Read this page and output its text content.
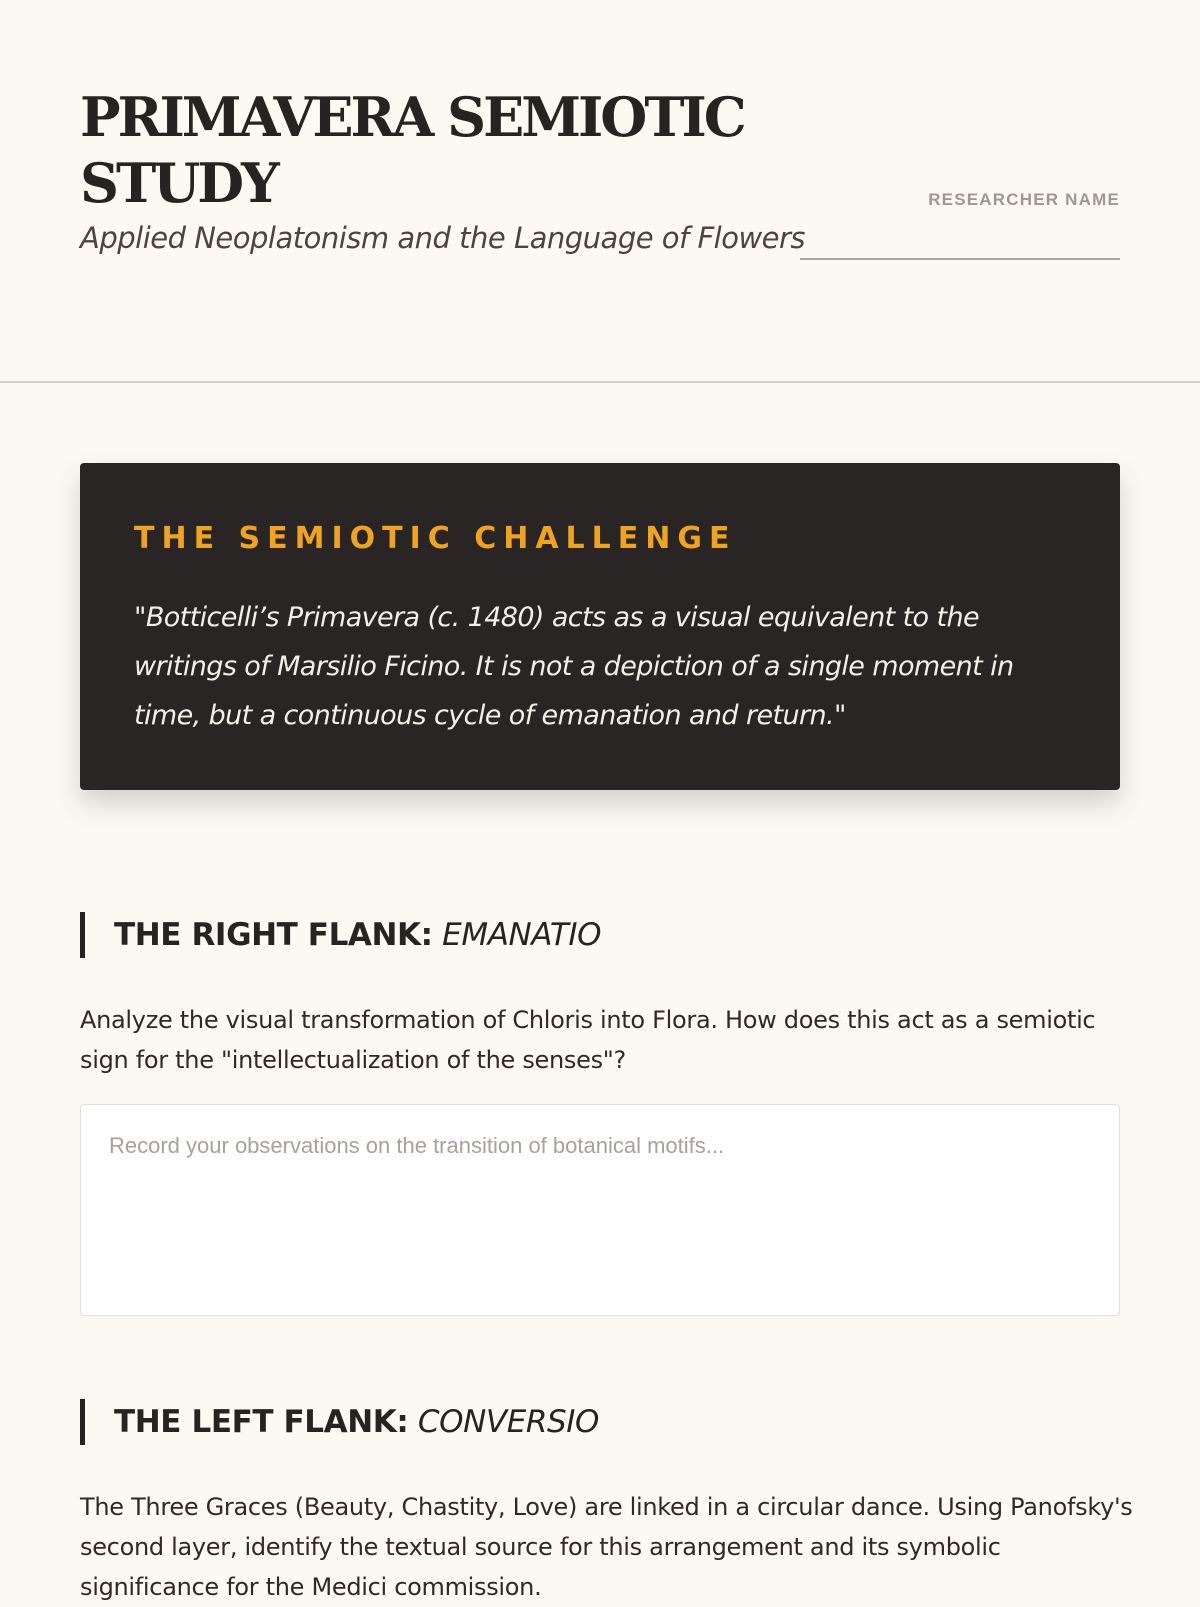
PRIMAVERA SEMIOTIC STUDY
Applied Neoplatonism and the Language of Flowers
RESEARCHER NAME
THE SEMIOTIC CHALLENGE
"Botticelli’s Primavera (c. 1480) acts as a visual equivalent to the writings of Marsilio Ficino. It is not a depiction of a single moment in time, but a continuous cycle of emanation and return."
THE RIGHT FLANK: EMANATIO
Analyze the visual transformation of Chloris into Flora. How does this act as a semiotic sign for the "intellectualization of the senses"?
Record your observations on the transition of botanical motifs...
THE LEFT FLANK: CONVERSIO
The Three Graces (Beauty, Chastity, Love) are linked in a circular dance. Using Panofsky's second layer, identify the textual source for this arrangement and its symbolic significance for the Medici commission.
